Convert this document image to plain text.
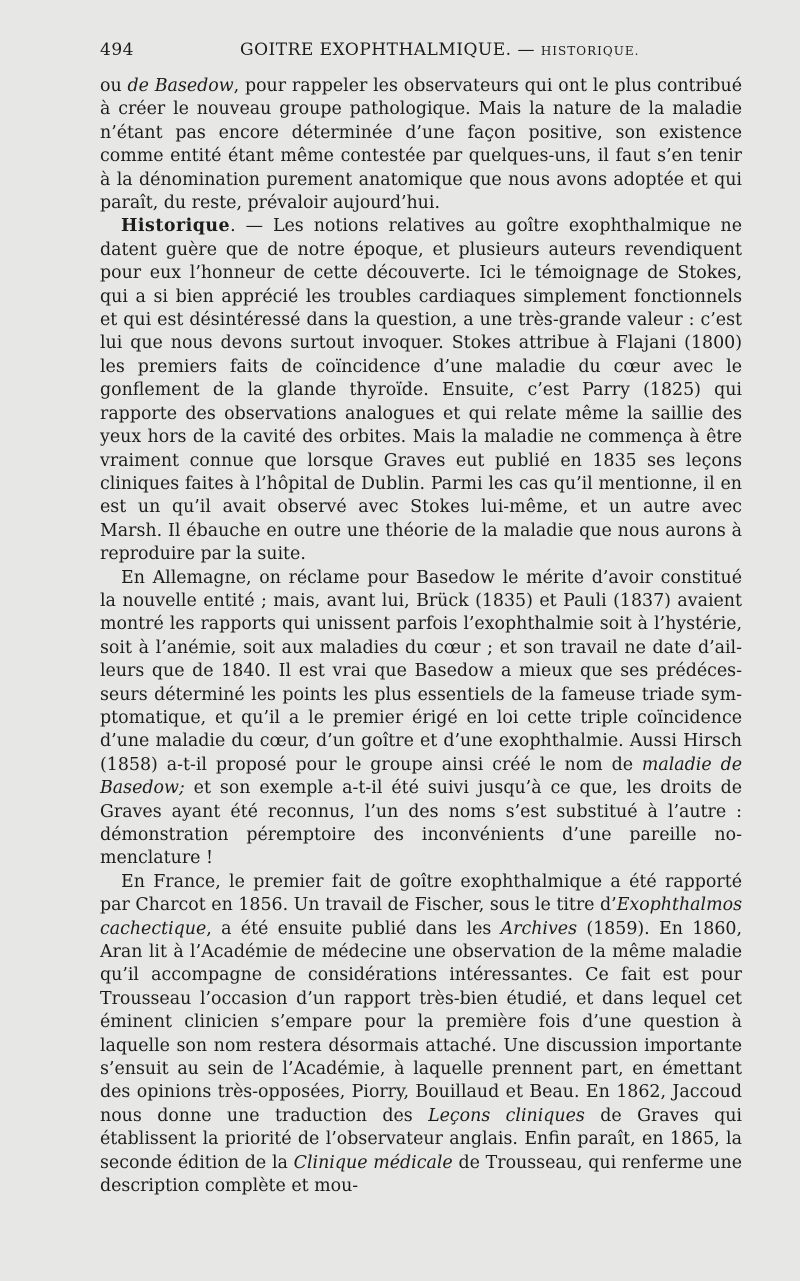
494	GOITRE EXOPHTHALMIQUE. — HISTORIQUE.

ou de Basedow, pour rappeler les observateurs qui ont le plus contribué à créer le nouveau groupe pathologique. Mais la nature de la maladie n’étant pas encore déterminée d’une façon positive, son existence comme entité étant même contestée par quelques-uns, il faut s’en tenir à la dénomination purement anatomique que nous avons adoptée et qui paraît, du reste, prévaloir aujourd’hui.

Historique. — Les notions relatives au goître exophthalmique ne datent guère que de notre époque, et plusieurs auteurs revendiquent pour eux l’honneur de cette découverte. Ici le témoignage de Stokes, qui a si bien apprécié les troubles cardiaques simplement fonctionnels et qui est désintéressé dans la question, a une très-grande valeur : c’est lui que nous devons surtout invoquer. Stokes attribue à Flajani (1800) les premiers faits de coïncidence d’une maladie du cœur avec le gonflement de la glande thyroïde. Ensuite, c’est Parry (1825) qui rapporte des observations analogues et qui relate même la saillie des yeux hors de la cavité des orbites. Mais la maladie ne commença à être vraiment connue que lorsque Graves eut publié en 1835 ses leçons cliniques faites à l’hôpital de Dublin. Parmi les cas qu’il mentionne, il en est un qu’il avait observé avec Stokes lui-même, et un autre avec Marsh. Il ébauche en outre une théorie de la maladie que nous aurons à reproduire par la suite.

En Allemagne, on réclame pour Basedow le mérite d’avoir constitué la nouvelle entité ; mais, avant lui, Brück (1835) et Pauli (1837) avaient montré les rapports qui unissent parfois l’exophthalmie soit à l’hystérie, soit à l’anémie, soit aux maladies du cœur ; et son travail ne date d’ailleurs que de 1840. Il est vrai que Basedow a mieux que ses prédécesseurs déterminé les points les plus essentiels de la fameuse triade symptomatique, et qu’il a le premier érigé en loi cette triple coïncidence d’une maladie du cœur, d’un goître et d’une exophthalmie. Aussi Hirsch (1858) a-t-il proposé pour le groupe ainsi créé le nom de maladie de Basedow; et son exemple a-t-il été suivi jusqu’à ce que, les droits de Graves ayant été reconnus, l’un des noms s’est substitué à l’autre : démonstration péremptoire des inconvénients d’une pareille nomenclature !

En France, le premier fait de goître exophthalmique a été rapporté par Charcot en 1856. Un travail de Fischer, sous le titre d’Exophthalmos cachectique, a été ensuite publié dans les Archives (1859). En 1860, Aran lit à l’Académie de médecine une observation de la même maladie qu’il accompagne de considérations intéressantes. Ce fait est pour Trousseau l’occasion d’un rapport très-bien étudié, et dans lequel cet éminent clinicien s’empare pour la première fois d’une question à laquelle son nom restera désormais attaché. Une discussion importante s’ensuit au sein de l’Académie, à laquelle prennent part, en émettant des opinions très-opposées, Piorry, Bouillaud et Beau. En 1862, Jaccoud nous donne une traduction des Leçons cliniques de Graves qui établissent la priorité de l’observateur anglais. Enfin paraît, en 1865, la seconde édition de la Clinique médicale de Trousseau, qui renferme une description complète et mou-
